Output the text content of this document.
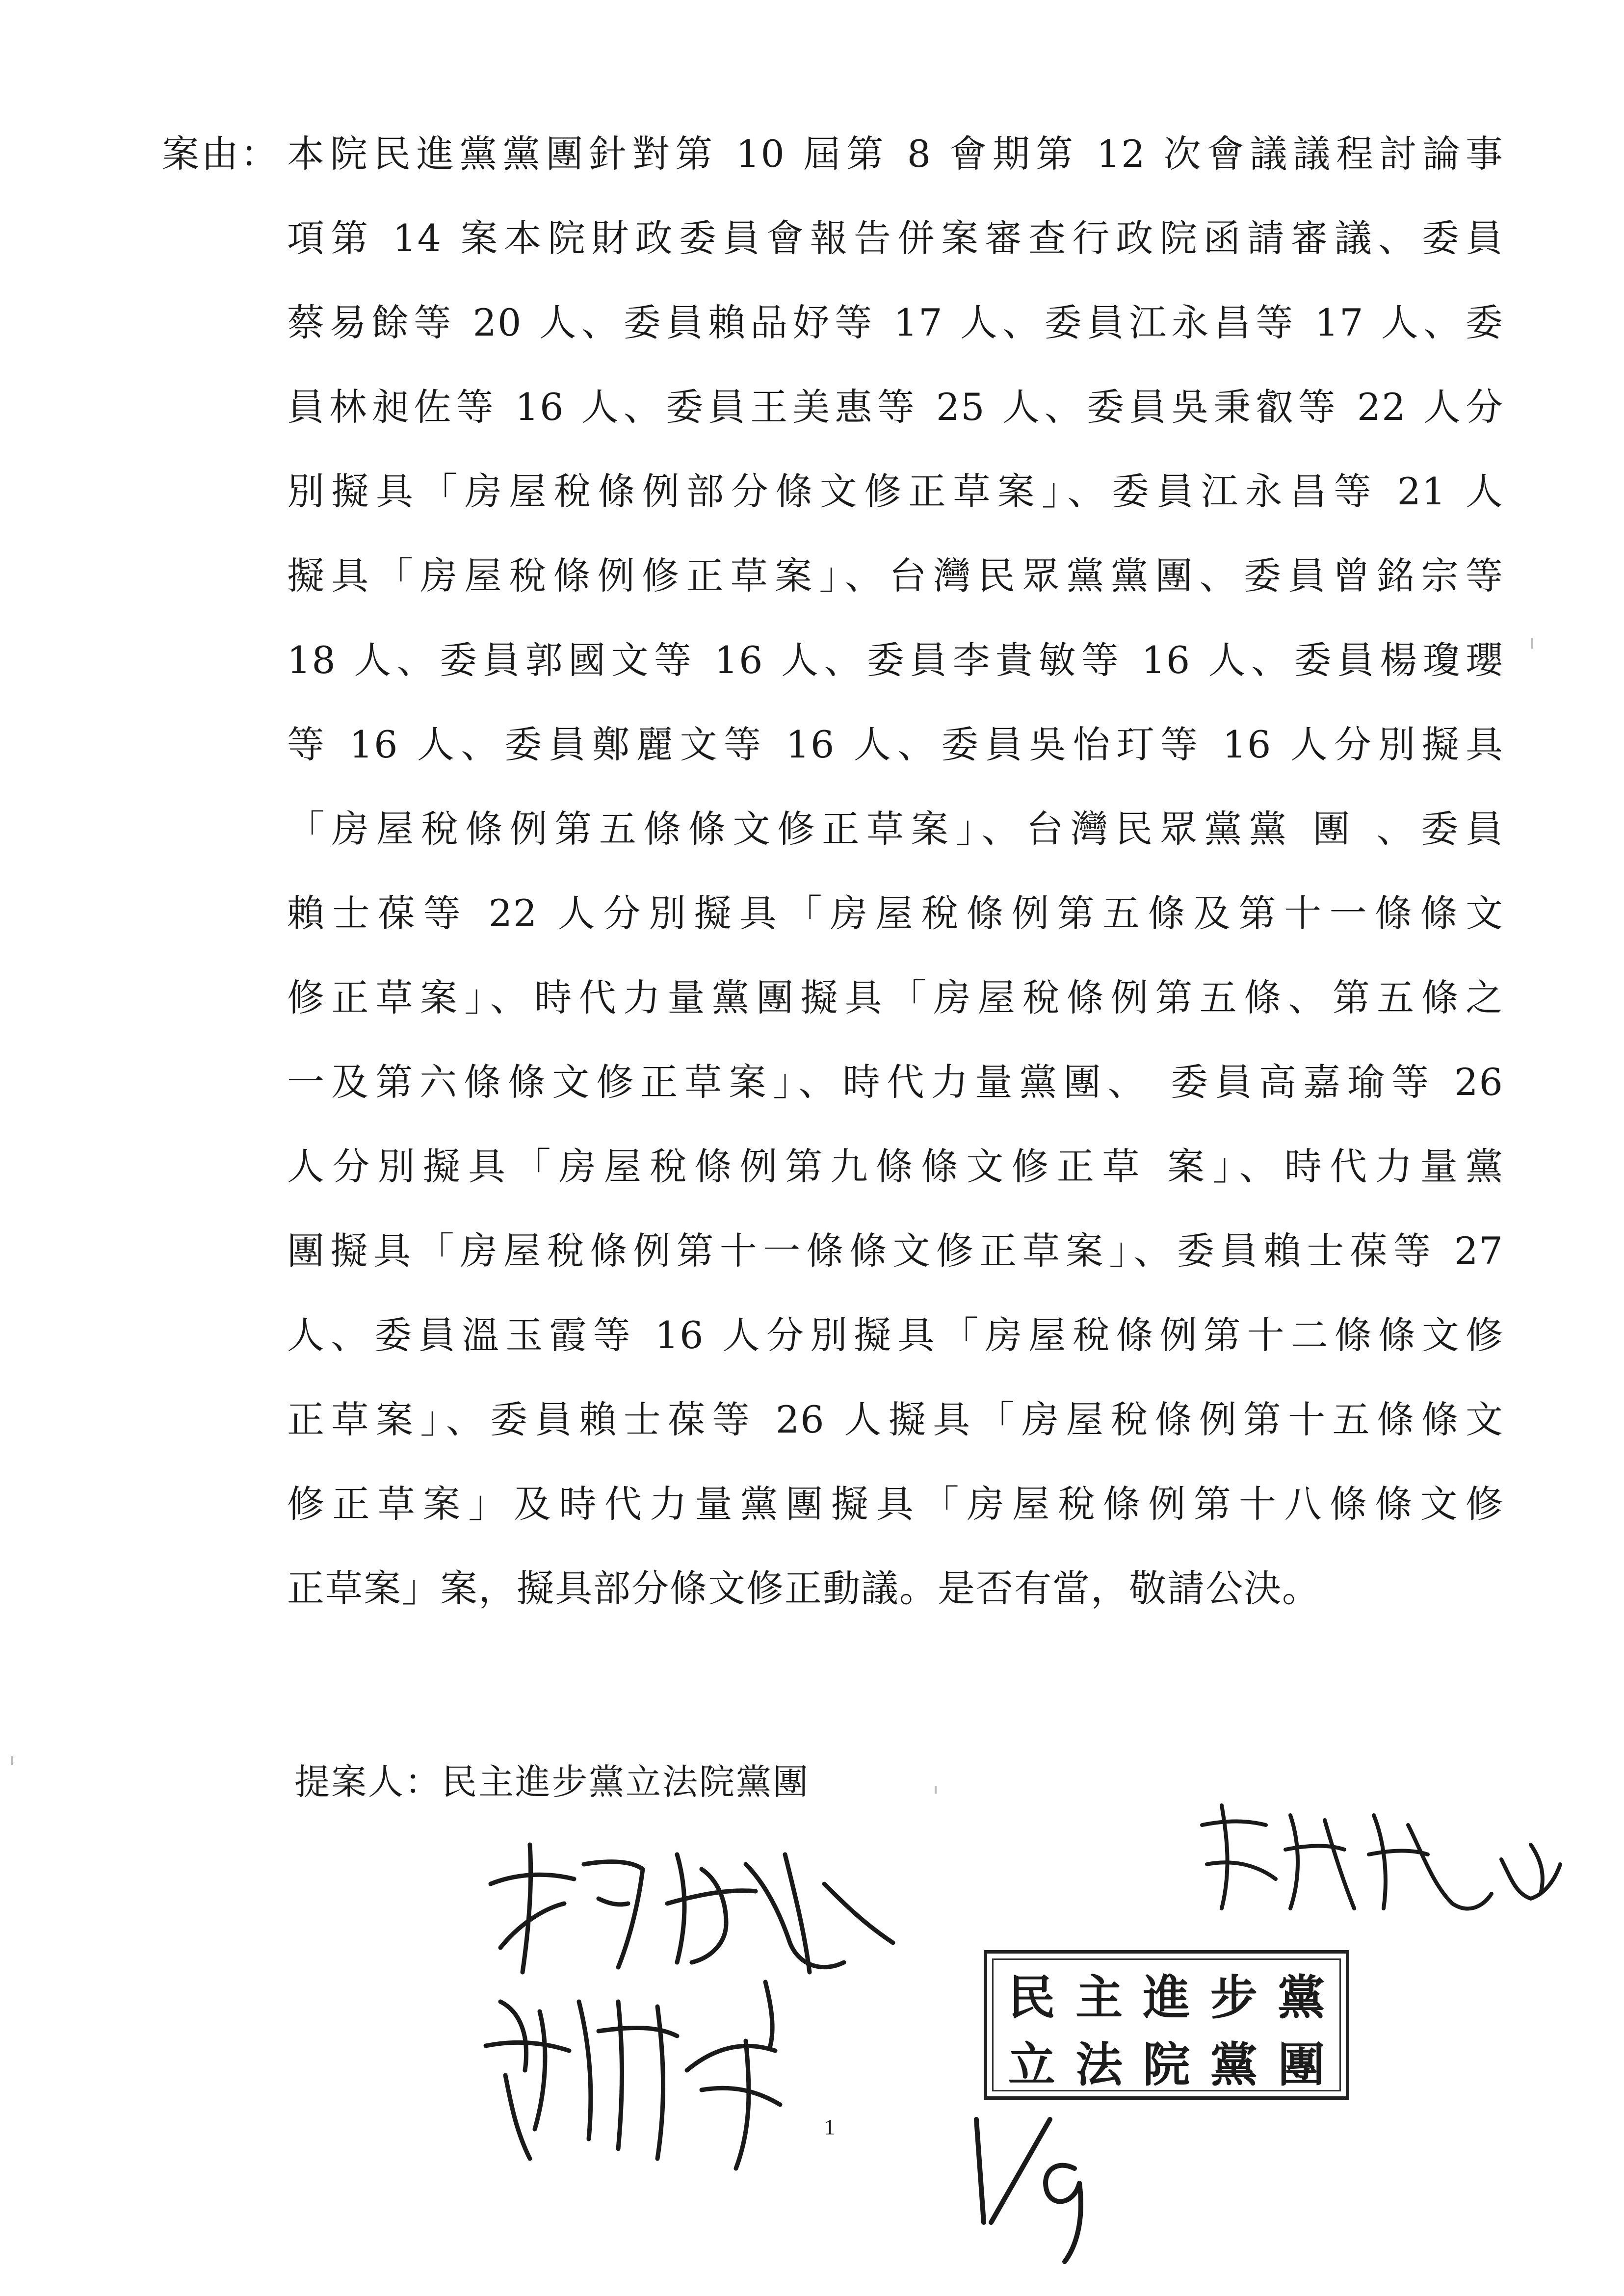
案由： 本院民進黨黨團針對第 10 屆第 8 會期第 12 次會議議程討論事
項第 14 案本院財政委員會報告併案審查行政院函請審議、委員
蔡易餘等 20 人、委員賴品妤等 17 人、委員江永昌等 17 人、委
員林昶佐等 16 人、委員王美惠等 25 人、委員吳秉叡等 22 人分
別擬具「房屋稅條例部分條文修正草案」、委員江永昌等 21 人
擬具「房屋稅條例修正草案」、台灣民眾黨黨團、委員曾銘宗等
18 人、委員郭國文等 16 人、委員李貴敏等 16 人、委員楊瓊瓔
等 16 人、委員鄭麗文等 16 人、委員吳怡玎等 16 人分別擬具
「房屋稅條例第五條條文修正草案」、台灣民眾黨黨 團 、委員
賴士葆等 22 人分別擬具「房屋稅條例第五條及第十一條條文
修正草案」、時代力量黨團擬具「房屋稅條例第五條、第五條之
一及第六條條文修正草案」、時代力量黨團、 委員高嘉瑜等 26
人分別擬具「房屋稅條例第九條條文修正草 案」、時代力量黨
團擬具「房屋稅條例第十一條條文修正草案」、委員賴士葆等 27
人、委員溫玉霞等 16 人分別擬具「房屋稅條例第十二條條文修
正草案」、委員賴士葆等 26 人擬具「房屋稅條例第十五條條文
修正草案」及時代力量黨團擬具「房屋稅條例第十八條條文修
正草案」案，擬具部分條文修正動議。是否有當，敬請公決。
提案人：民主進步黨立法院黨團
民 主 進 步 黨
立 法 院 黨 團
1
